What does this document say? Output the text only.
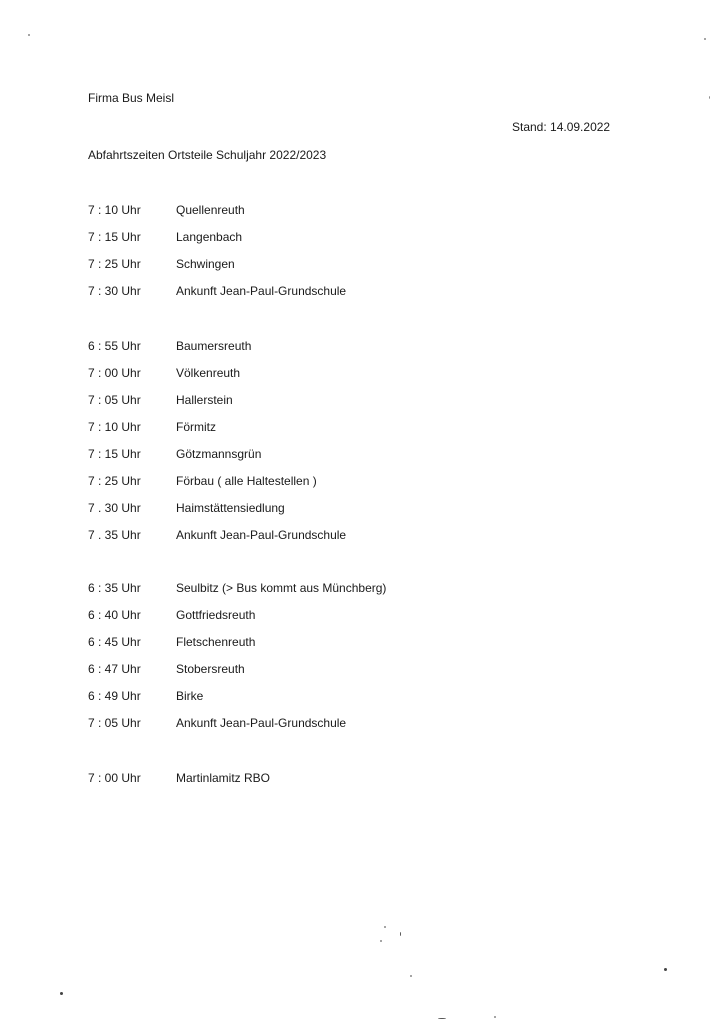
Firma Bus Meisl
Stand: 14.09.2022
Abfahrtszeiten Ortsteile Schuljahr 2022/2023
7 : 10 Uhr	Quellenreuth
7 : 15 Uhr	Langenbach
7 : 25 Uhr	Schwingen
7 : 30 Uhr	Ankunft Jean-Paul-Grundschule
6 : 55 Uhr	Baumersreuth
7 : 00 Uhr	Völkenreuth
7 : 05 Uhr	Hallerstein
7 : 10 Uhr	Förmitz
7 : 15 Uhr	Götzmannsgrün
7 : 25 Uhr	Förbau ( alle Haltestellen )
7 . 30 Uhr	Haimstättensiedlung
7 . 35 Uhr	Ankunft Jean-Paul-Grundschule
6 : 35 Uhr	Seulbitz (> Bus kommt aus Münchberg)
6 : 40 Uhr	Gottfriedsreuth
6 : 45 Uhr	Fletschenreuth
6 : 47 Uhr	Stobersreuth
6 : 49 Uhr	Birke
7 : 05 Uhr	Ankunft Jean-Paul-Grundschule
7 : 00 Uhr	Martinlamitz RBO
